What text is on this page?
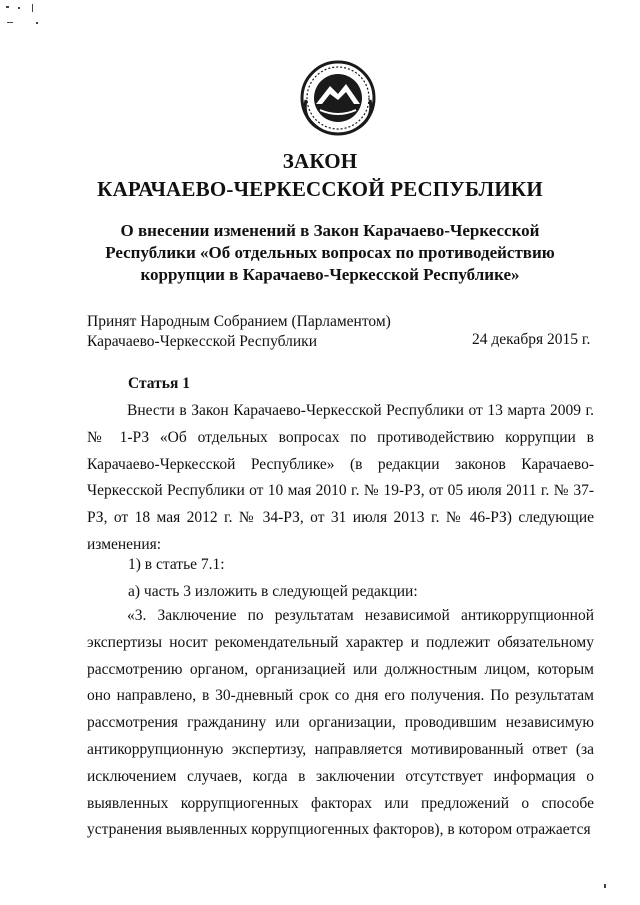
ЗАКОН
КАРАЧАЕВО-ЧЕРКЕССКОЙ РЕСПУБЛИКИ
О внесении изменений в Закон Карачаево-Черкесской
Республики «Об отдельных вопросах по противодействию
коррупции в Карачаево-Черкесской Республике»
Принят Народным Собранием (Парламентом)
Карачаево-Черкесской Республики	24 декабря 2015 г.
Статья 1
Внести в Закон Карачаево-Черкесской Республики от 13 марта 2009 г. № 1-РЗ «Об отдельных вопросах по противодействию коррупции в Карачаево-Черкесской Республике» (в редакции законов Карачаево-Черкесской Республики от 10 мая 2010 г. № 19-РЗ, от 05 июля 2011 г. № 37-РЗ, от 18 мая 2012 г. № 34-РЗ, от 31 июля 2013 г. № 46-РЗ) следующие изменения:
1) в статье 7.1:
а) часть 3 изложить в следующей редакции:
«3. Заключение по результатам независимой антикоррупционной экспертизы носит рекомендательный характер и подлежит обязательному рассмотрению органом, организацией или должностным лицом, которым оно направлено, в 30-дневный срок со дня его получения. По результатам рассмотрения гражданину или организации, проводившим независимую антикоррупционную экспертизу, направляется мотивированный ответ (за исключением случаев, когда в заключении отсутствует информация о выявленных коррупциогенных факторах или предложений о способе устранения выявленных коррупциогенных факторов), в котором отражается
